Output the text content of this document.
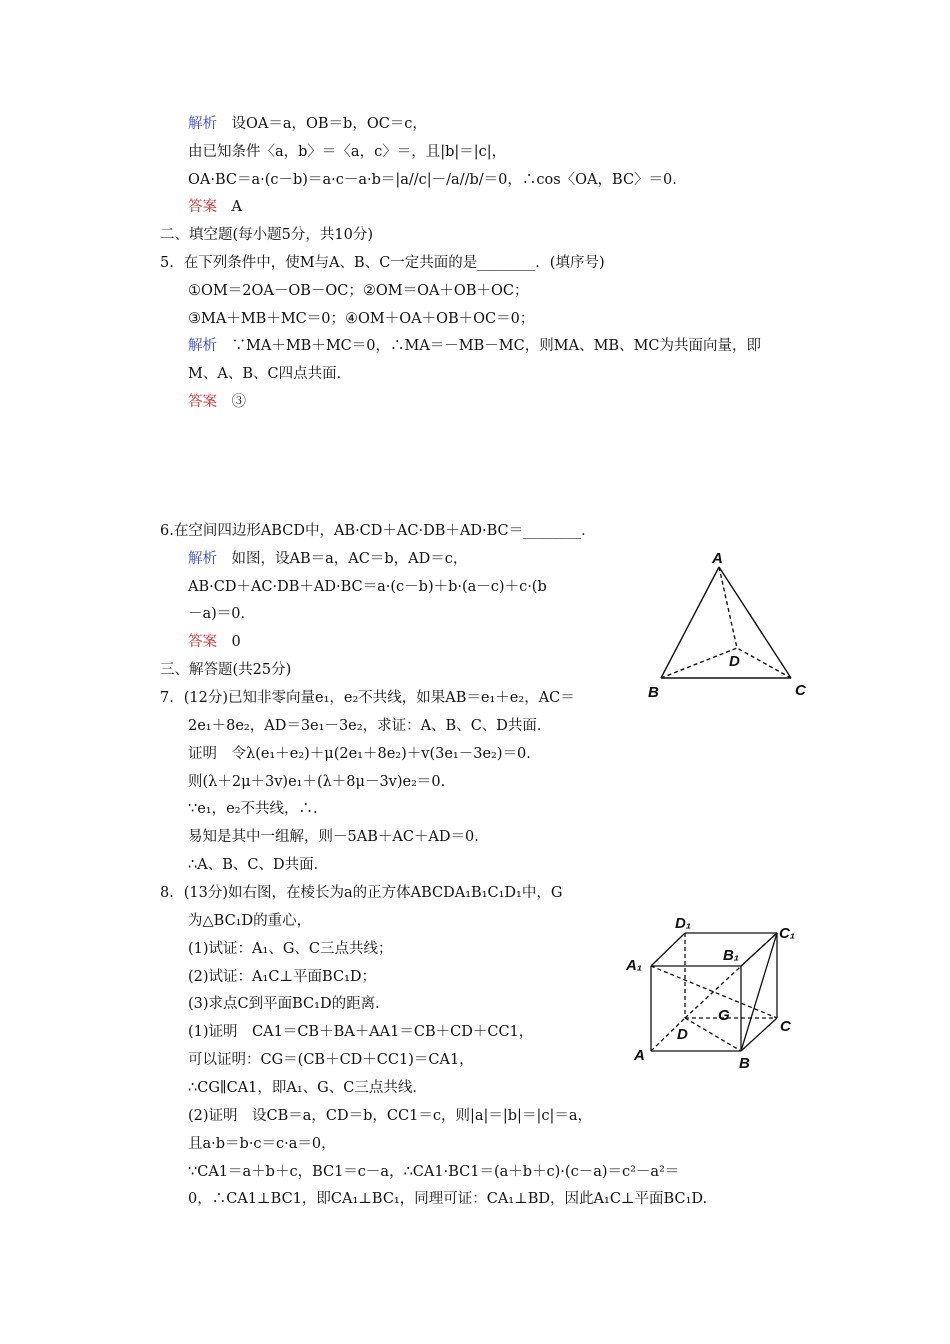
解析　设OA＝a，OB＝b，OC＝c，
由已知条件〈a，b〉＝〈a，c〉＝，且|b|＝|c|，
OA·BC＝a·(c－b)＝a·c－a·b＝|a//c|－/a//b/＝0，∴cos〈OA，BC〉＝0.
答案　A
二、填空题(每小题5分，共10分)
5．在下列条件中，使M与A、B、C一定共面的是________．(填序号)
①OM＝2OA－OB－OC；②OM＝OA＋OB＋OC；
③MA＋MB＋MC＝0；④OM＋OA＋OB＋OC＝0；
解析　∵MA＋MB＋MC＝0，∴MA＝－MB－MC，则MA、MB、MC为共面向量，即
M、A、B、C四点共面．
答案　③
6.在空间四边形ABCD中，AB·CD＋AC·DB＋AD·BC＝________．
解析　如图，设AB＝a，AC＝b，AD＝c，
AB·CD＋AC·DB＋AD·BC＝a·(c－b)＋b·(a－c)＋c·(b
－a)＝0．
答案　0
三、解答题(共25分)
7．(12分)已知非零向量e₁，e₂不共线，如果AB＝e₁＋e₂，AC＝
2e₁＋8e₂，AD＝3e₁－3e₂，求证：A、B、C、D共面．
证明　令λ(e₁＋e₂)＋μ(2e₁＋8e₂)＋v(3e₁－3e₂)＝0.
则(λ＋2μ＋3v)e₁＋(λ＋8μ－3v)e₂＝0.
∵e₁，e₂不共线，∴.
易知是其中一组解，则－5AB＋AC＋AD＝0.
∴A、B、C、D共面．
8．(13分)如右图，在棱长为a的正方体ABCDA₁B₁C₁D₁中，G
为△BC₁D的重心，
(1)试证：A₁、G、C三点共线；
(2)试证：A₁C⊥平面BC₁D；
(3)求点C到平面BC₁D的距离．
(1)证明　CA1＝CB＋BA＋AA1＝CB＋CD＋CC1，
可以证明：CG＝(CB＋CD＋CC1)＝CA1，
∴CG∥CA1，即A₁、G、C三点共线．
(2)证明　设CB＝a，CD＝b，CC1＝c，则|a|＝|b|＝|c|＝a，
且a·b＝b·c＝c·a＝0，
∵CA1＝a＋b＋c，BC1＝c－a，∴CA1·BC1＝(a＋b＋c)·(c－a)＝c²－a²＝
0，∴CA1⊥BC1，即CA₁⊥BC₁，同理可证：CA₁⊥BD，因此A₁C⊥平面BC₁D.
A
B	C
D
D₁
C₁
B₁
A₁
G
D	C
A	B
